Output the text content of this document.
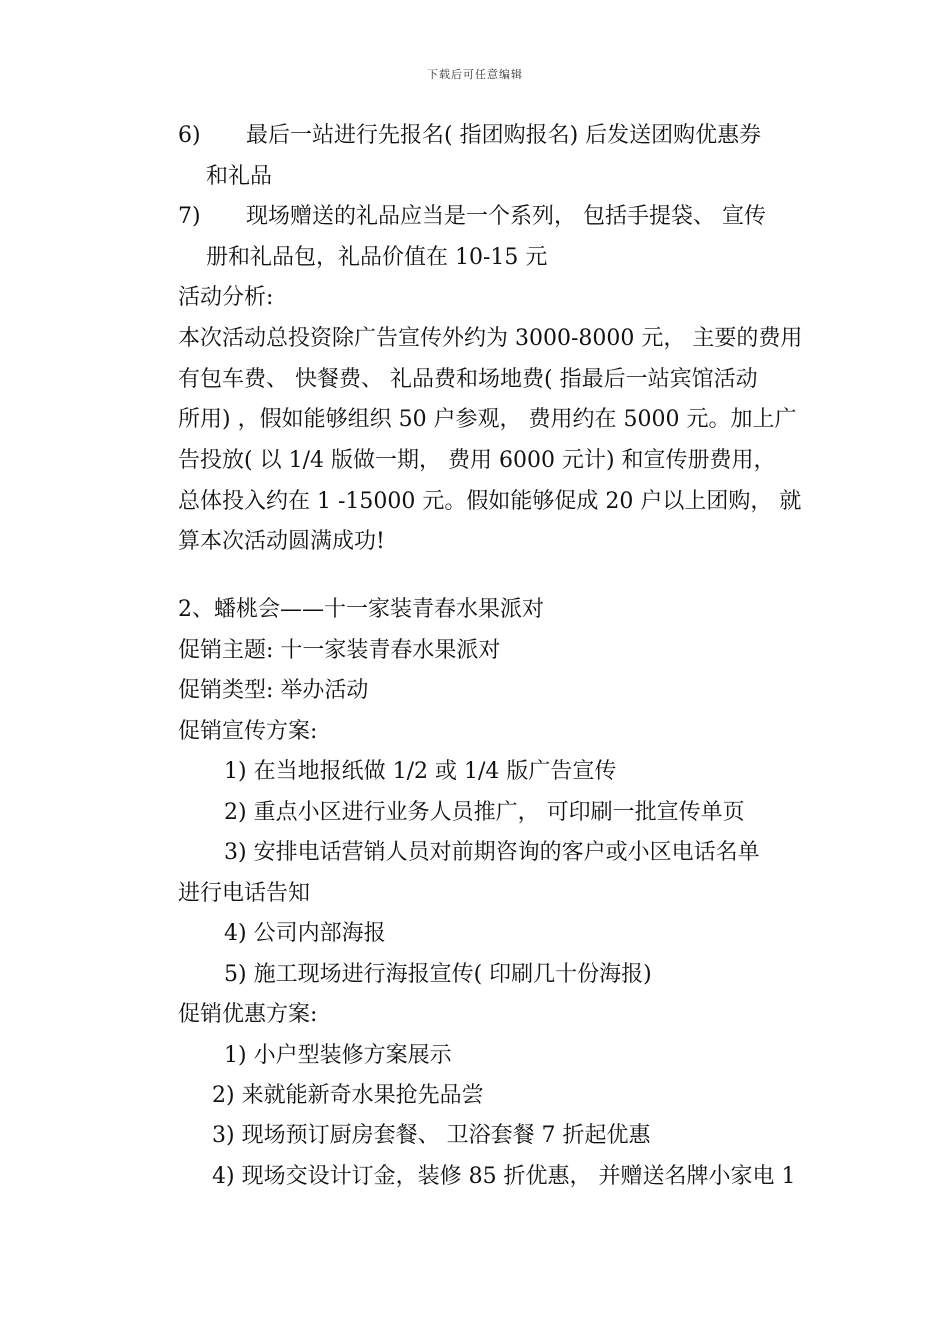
下载后可任意编辑
6) 最后一站进行先报名( 指团购报名) 后发送团购优惠券
和礼品
7) 现场赠送的礼品应当是一个系列， 包括手提袋、 宣传
册和礼品包，礼品价值在 10-15 元
活动分析:
本次活动总投资除广告宣传外约为 3000-8000 元， 主要的费用
有包车费、 快餐费、 礼品费和场地费( 指最后一站宾馆活动
所用) ，假如能够组织 50 户参观， 费用约在 5000 元。加上广
告投放( 以 1/4 版做一期， 费用 6000 元计) 和宣传册费用，
总体投入约在 1 -15000 元。假如能够促成 20 户以上团购， 就
算本次活动圆满成功!
2、蟠桃会——十一家装青春水果派对
促销主题: 十一家装青春水果派对
促销类型: 举办活动
促销宣传方案:
1) 在当地报纸做 1/2 或 1/4 版广告宣传
2) 重点小区进行业务人员推广， 可印刷一批宣传单页
3) 安排电话营销人员对前期咨询的客户或小区电话名单
进行电话告知
4) 公司内部海报
5) 施工现场进行海报宣传( 印刷几十份海报)
促销优惠方案:
1) 小户型装修方案展示
2) 来就能新奇水果抢先品尝
3) 现场预订厨房套餐、 卫浴套餐 7 折起优惠
4) 现场交设计订金，装修 85 折优惠， 并赠送名牌小家电 1
